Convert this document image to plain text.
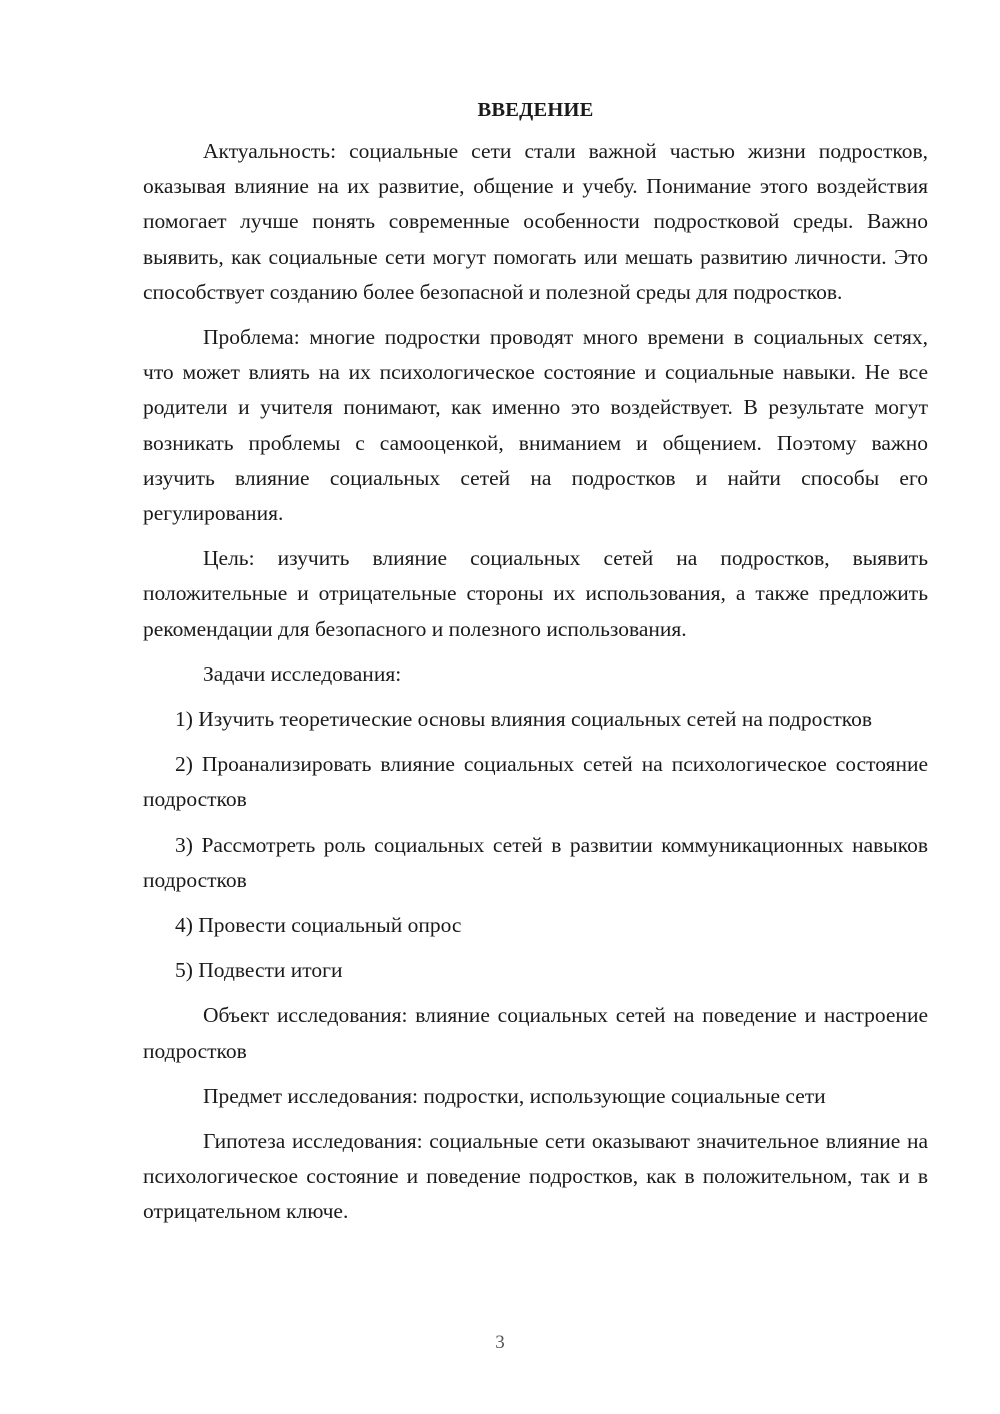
ВВЕДЕНИЕ

Актуальность: социальные сети стали важной частью жизни подростков, оказывая влияние на их развитие, общение и учебу. Понимание этого воздействия помогает лучше понять современные особенности подростковой среды. Важно выявить, как социальные сети могут помогать или мешать развитию личности. Это способствует созданию более безопасной и полезной среды для подростков.

Проблема: многие подростки проводят много времени в социальных сетях, что может влиять на их психологическое состояние и социальные навыки. Не все родители и учителя понимают, как именно это воздействует. В результате могут возникать проблемы с самооценкой, вниманием и общением. Поэтому важно изучить влияние социальных сетей на подростков и найти способы его регулирования.

Цель: изучить влияние социальных сетей на подростков, выявить положительные и отрицательные стороны их использования, а также предложить рекомендации для безопасного и полезного использования.

Задачи исследования:

1) Изучить теоретические основы влияния социальных сетей на подростков

2) Проанализировать влияние социальных сетей на психологическое состояние подростков

3) Рассмотреть роль социальных сетей в развитии коммуникационных навыков подростков

4) Провести социальный опрос

5) Подвести итоги

Объект исследования: влияние социальных сетей на поведение и настроение подростков

Предмет исследования: подростки, использующие социальные сети

Гипотеза исследования: социальные сети оказывают значительное влияние на психологическое состояние и поведение подростков, как в положительном, так и в отрицательном ключе.

3
